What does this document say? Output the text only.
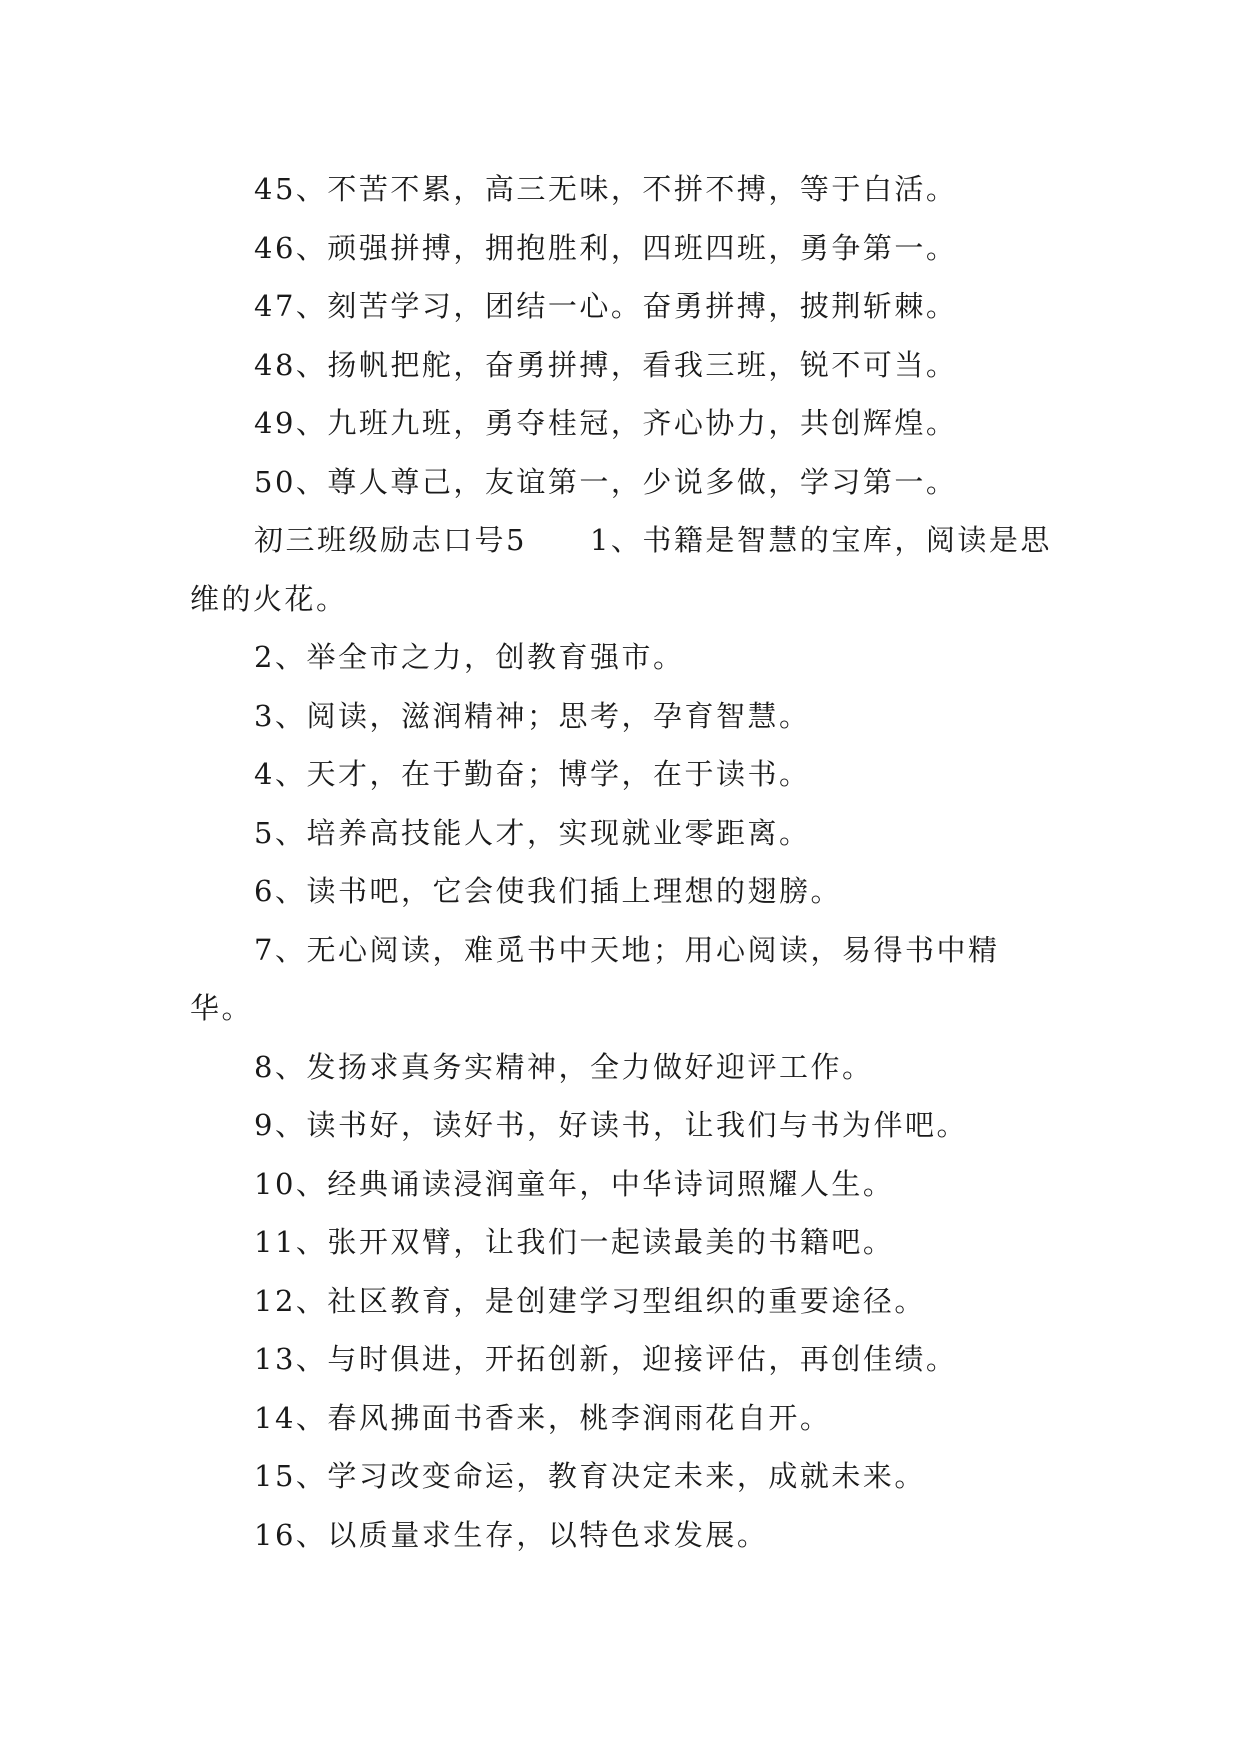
45、不苦不累，高三无味，不拼不搏，等于白活。

46、顽强拼搏，拥抱胜利，四班四班，勇争第一。

47、刻苦学习，团结一心。奋勇拼搏，披荆斩棘。

48、扬帆把舵，奋勇拼搏，看我三班，锐不可当。

49、九班九班，勇夺桂冠，齐心协力，共创辉煌。

50、尊人尊己，友谊第一，少说多做，学习第一。

初三班级励志口号5　　1、书籍是智慧的宝库，阅读是思维的火花。

2、举全市之力，创教育强市。

3、阅读，滋润精神；思考，孕育智慧。

4、天才，在于勤奋；博学，在于读书。

5、培养高技能人才，实现就业零距离。

6、读书吧，它会使我们插上理想的翅膀。

7、无心阅读，难觅书中天地；用心阅读，易得书中精华。

8、发扬求真务实精神，全力做好迎评工作。

9、读书好，读好书，好读书，让我们与书为伴吧。

10、经典诵读浸润童年，中华诗词照耀人生。

11、张开双臂，让我们一起读最美的书籍吧。

12、社区教育，是创建学习型组织的重要途径。

13、与时俱进，开拓创新，迎接评估，再创佳绩。

14、春风拂面书香来，桃李润雨花自开。

15、学习改变命运，教育决定未来，成就未来。

16、以质量求生存，以特色求发展。
